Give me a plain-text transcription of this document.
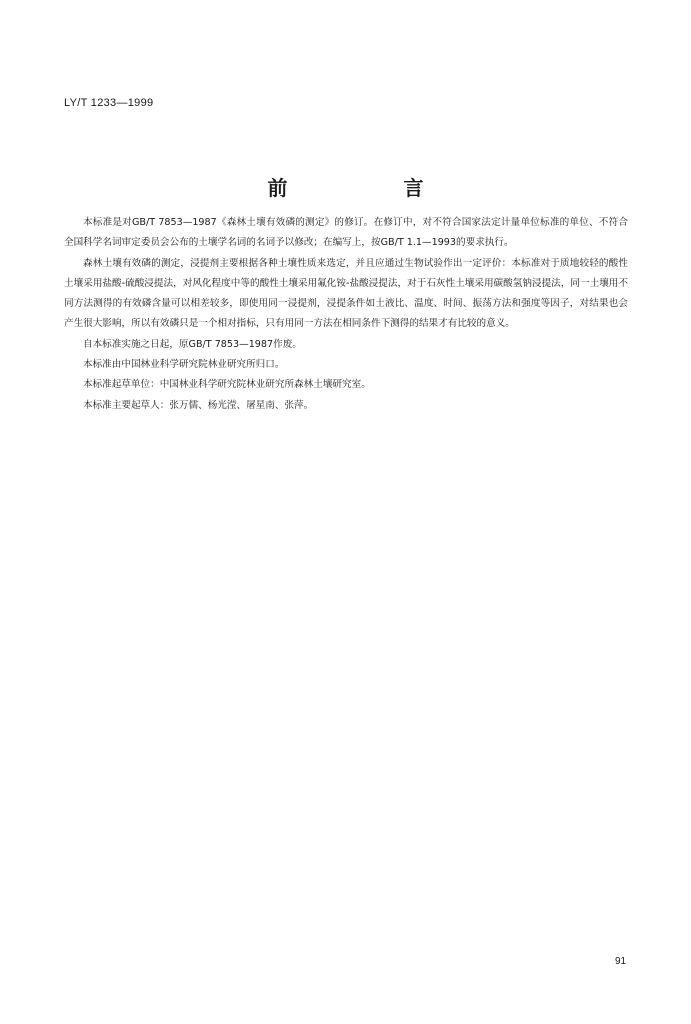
LY/T 1233—1999
前　言

本标准是对GB/T 7853—1987《森林土壤有效磷的测定》的修订。在修订中，对不符合国家法定计量单位标准的单位、不符合全国科学名词审定委员会公布的土壤学名词的名词予以修改；在编写上，按GB/T 1.1—1993的要求执行。

森林土壤有效磷的测定，浸提剂主要根据各种土壤性质来选定，并且应通过生物试验作出一定评价：本标准对于质地较轻的酸性土壤采用盐酸-硫酸浸提法，对风化程度中等的酸性土壤采用氟化铵-盐酸浸提法，对于石灰性土壤采用碳酸氢钠浸提法，同一土壤用不同方法测得的有效磷含量可以相差较多，即使用同一浸提剂，浸提条件如土液比、温度、时间、振荡方法和强度等因子，对结果也会产生很大影响，所以有效磷只是一个相对指标，只有用同一方法在相同条件下测得的结果才有比较的意义。

自本标准实施之日起，原GB/T 7853—1987作废。

本标准由中国林业科学研究院林业研究所归口。

本标准起草单位：中国林业科学研究院林业研究所森林土壤研究室。

本标准主要起草人：张万儒、杨光滢、屠星南、张萍。

91
